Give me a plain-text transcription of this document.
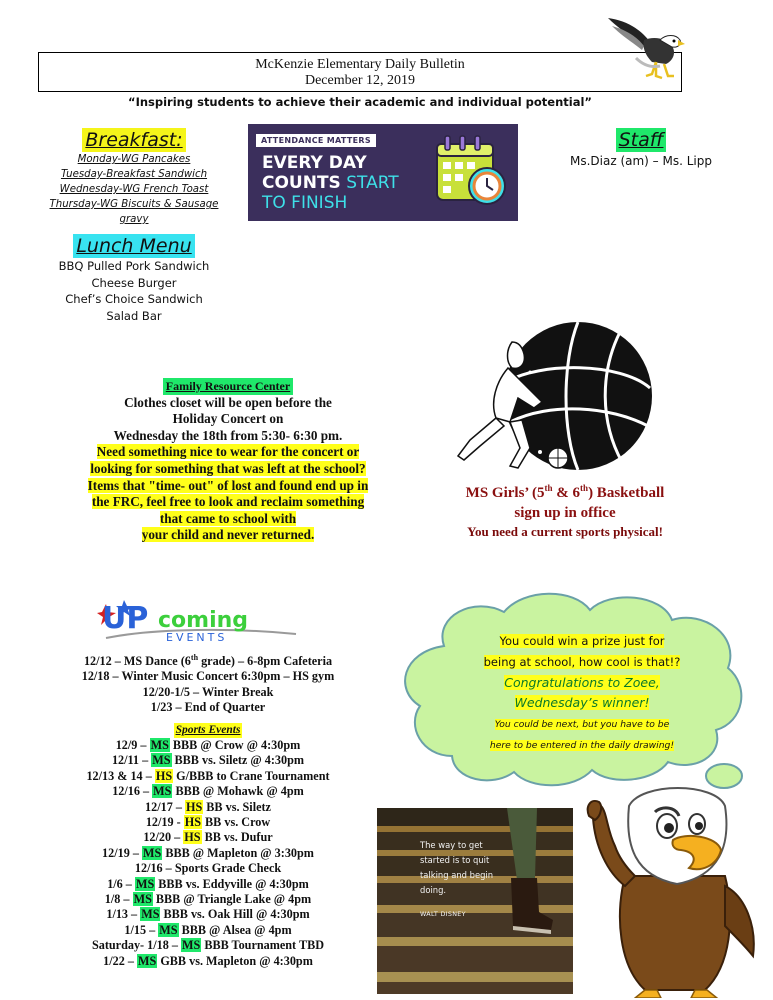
McKenzie Elementary Daily Bulletin
December 12, 2019
“Inspiring students to achieve their academic and individual potential”
Breakfast:
Monday-WG Pancakes
Tuesday-Breakfast Sandwich
Wednesday-WG French Toast
Thursday-WG Biscuits & Sausage
gravy
Lunch Menu
BBQ Pulled Pork Sandwich
Cheese Burger
Chef’s Choice Sandwich
Salad Bar
ATTENDANCE MATTERS
EVERY DAY
COUNTS START
TO FINISH
Staff
Ms.Diaz (am) – Ms. Lipp
Family Resource Center
Clothes closet will be open before the
Holiday Concert on
Wednesday the 18th from 5:30- 6:30 pm.
Need something nice to wear for the concert or
looking for something that was left at the school?
Items that "time- out" of lost and found end up in
the FRC, feel free to look and reclaim something
that came to school with
your child and never returned.
MS Girls’ (5th & 6th) Basketball
sign up in office
You need a current sports physical!
UP coming
EVENTS
12/12 – MS Dance (6th grade) – 6-8pm Cafeteria
12/18 – Winter Music Concert 6:30pm – HS gym
12/20-1/5 – Winter Break
1/23 – End of Quarter
Sports Events
12/9 – MS BBB @ Crow @ 4:30pm
12/11 – MS BBB vs. Siletz @ 4:30pm
12/13 & 14 – HS G/BBB to Crane Tournament
12/16 – MS BBB @ Mohawk @ 4pm
12/17 – HS BB vs. Siletz
12/19 - HS BB vs. Crow
12/20 – HS BB vs. Dufur
12/19 – MS BBB @ Mapleton @ 3:30pm
12/16 – Sports Grade Check
1/6 – MS BBB vs. Eddyville @ 4:30pm
1/8 – MS BBB @ Triangle Lake @ 4pm
1/13 – MS BBB vs. Oak Hill @ 4:30pm
1/15 – MS BBB @ Alsea @ 4pm
Saturday- 1/18 – MS BBB Tournament TBD
1/22 – MS GBB vs. Mapleton @ 4:30pm
You could win a prize just for
being at school, how cool is that!?
Congratulations to Zoee,
Wednesday’s winner!
You could be next, but you have to be
here to be entered in the daily drawing!
The way to get
started is to quit
talking and begin
doing.
WALT DISNEY
